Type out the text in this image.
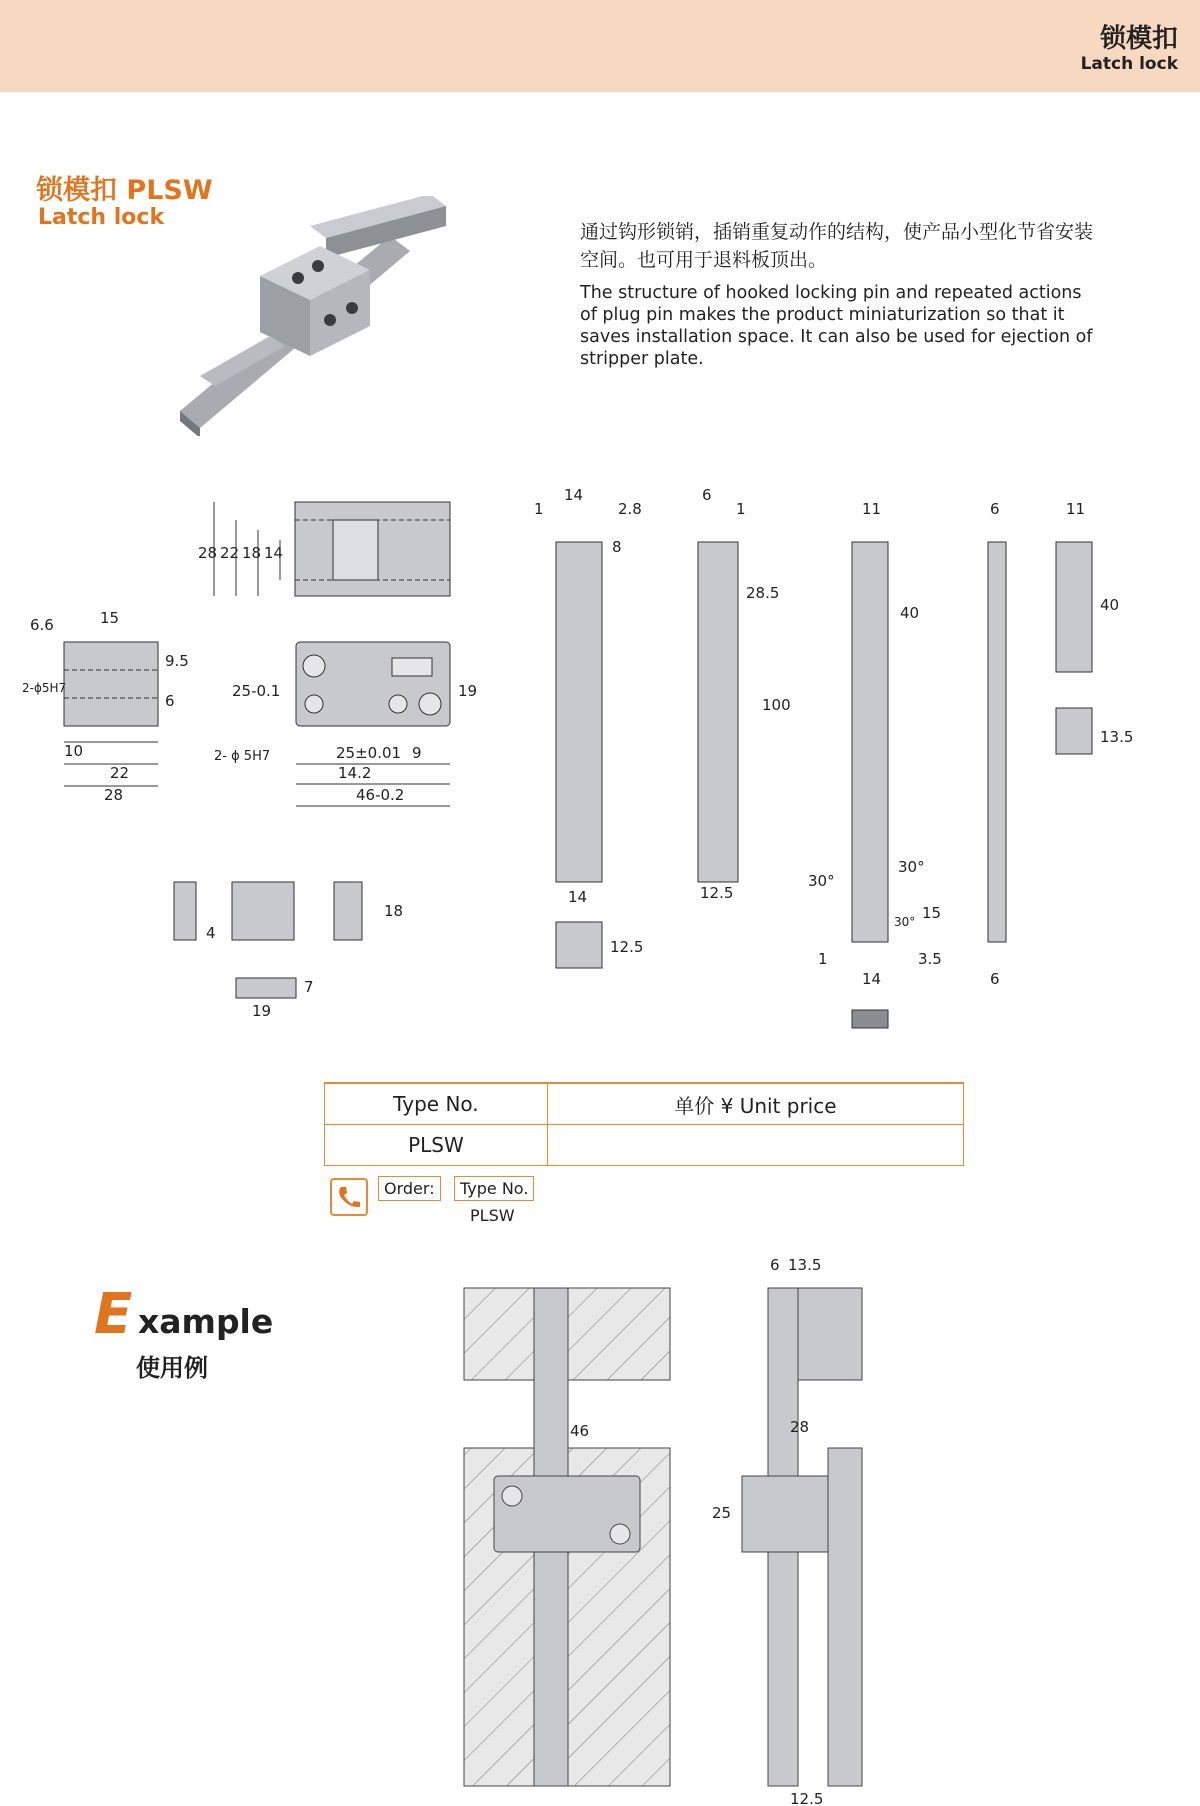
锁模扣
Latch lock
锁模扣 PLSW
Latch lock
通过钩形锁销，插销重复动作的结构，使产品小型化节省安装空间。也可用于退料板顶出。
The structure of hooked locking pin and repeated actions of plug pin makes the product miniaturization so that it saves installation space. It can also be used for ejection of stripper plate.
28 22 18 14
6.6	15
9.5
6
2-ϕ5H7
10
22
28
25-0.1	19
2- ϕ 5H7	25±0.01 9
14.2
46-0.2
14
2.8
1
8
14
12.5
6
1
28.5
100
12.5
11
40
30°
30°
30° 15
1
14
3.5
6
6
11
40
13.5
4
18
7
19
Type No.	单价 ¥ Unit price
PLSW	
Order:	Type No.
PLSW
E xample
使用例
6 13.5
46	28
25
12.5
